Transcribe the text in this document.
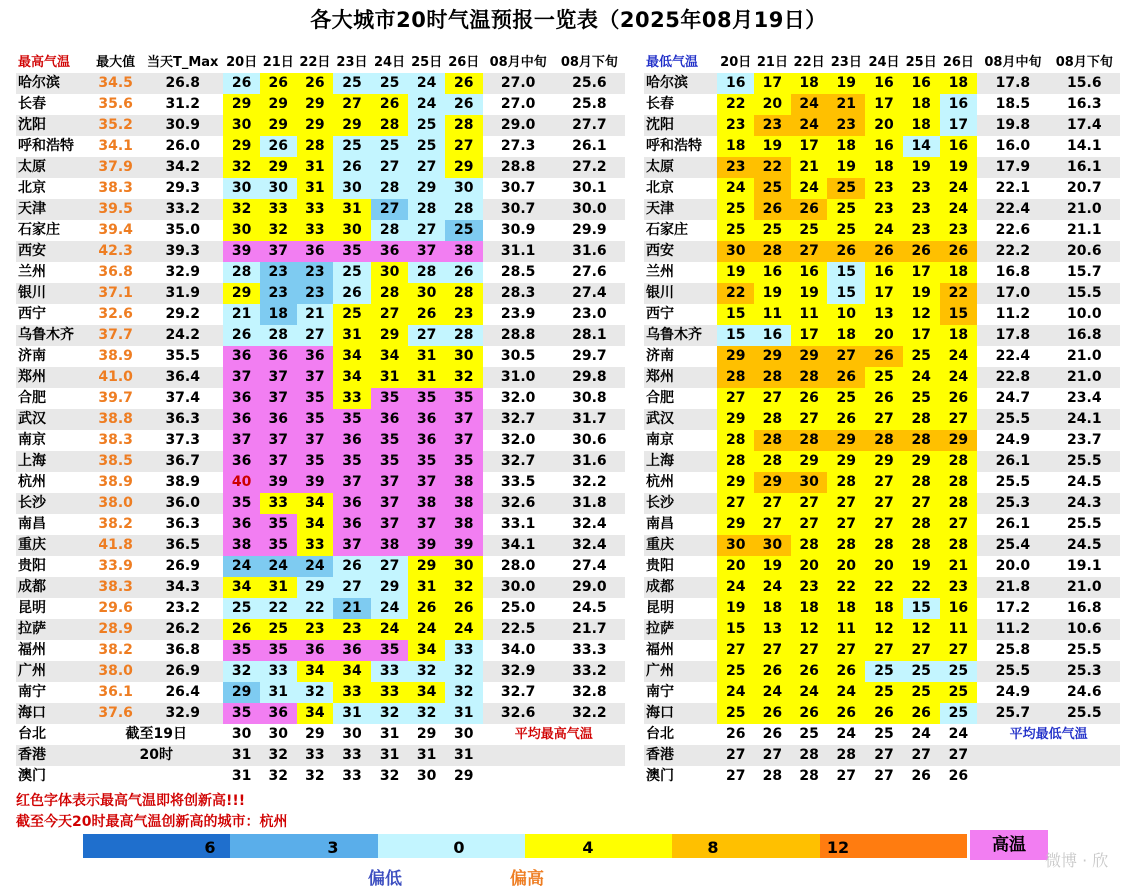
各大城市20时气温预报一览表（2025年08月19日）
最高气温	最大值	当天T_Max	20日	21日	22日	23日	24日	25日	26日	08月中旬	08月下旬
哈尔滨	34.5	26.8	26	26	26	25	25	24	26	27.0	25.6
长春	35.6	31.2	29	29	29	27	26	24	26	27.0	25.8
沈阳	35.2	30.9	30	29	29	29	28	25	28	29.0	27.7
呼和浩特	34.1	26.0	29	26	28	25	25	25	27	27.3	26.1
太原	37.9	34.2	32	29	31	26	27	27	29	28.8	27.2
北京	38.3	29.3	30	30	31	30	28	29	30	30.7	30.1
天津	39.5	33.2	32	33	33	31	27	28	28	30.7	30.0
石家庄	39.4	35.0	30	32	33	30	28	27	25	30.9	29.9
西安	42.3	39.3	39	37	36	35	36	37	38	31.1	31.6
兰州	36.8	32.9	28	23	23	25	30	28	26	28.5	27.6
银川	37.1	31.9	29	23	23	26	28	30	28	28.3	27.4
西宁	32.6	29.2	21	18	21	25	27	26	23	23.9	23.0
乌鲁木齐	37.7	24.2	26	28	27	31	29	27	28	28.8	28.1
济南	38.9	35.5	36	36	36	34	34	31	30	30.5	29.7
郑州	41.0	36.4	37	37	37	34	31	31	32	31.0	29.8
合肥	39.7	37.4	36	37	35	33	35	35	35	32.0	30.8
武汉	38.8	36.3	36	36	35	35	36	36	37	32.7	31.7
南京	38.3	37.3	37	37	37	36	35	36	37	32.0	30.6
上海	38.5	36.7	36	37	35	35	35	35	35	32.7	31.6
杭州	38.9	38.9	40	39	39	37	37	37	38	33.5	32.2
长沙	38.0	36.0	35	33	34	36	37	38	38	32.6	31.8
南昌	38.2	36.3	36	35	34	36	37	37	38	33.1	32.4
重庆	41.8	36.5	38	35	33	37	38	39	39	34.1	32.4
贵阳	33.9	26.9	24	24	24	26	27	29	30	28.0	27.4
成都	38.3	34.3	34	31	29	27	29	31	32	30.0	29.0
昆明	29.6	23.2	25	22	22	21	24	26	26	25.0	24.5
拉萨	28.9	26.2	26	25	23	23	24	24	24	22.5	21.7
福州	38.2	36.8	35	35	36	36	35	34	33	34.0	33.3
广州	38.0	26.9	32	33	34	34	33	32	32	32.9	33.2
南宁	36.1	26.4	29	31	32	33	33	34	32	32.7	32.8
海口	37.6	32.9	35	36	34	31	32	32	31	32.6	32.2
台北	截至19日		30	30	29	30	31	29	30	平均最高气温	
香港	20时		31	32	33	33	31	31	31		
澳门			31	32	32	33	32	30	29		
最低气温	20日	21日	22日	23日	24日	25日	26日	08月中旬	08月下旬
哈尔滨	16	17	18	19	16	16	18	17.8	15.6
长春	22	20	24	21	17	18	16	18.5	16.3
沈阳	23	23	24	23	20	18	17	19.8	17.4
呼和浩特	18	19	17	18	16	14	16	16.0	14.1
太原	23	22	21	19	18	19	19	17.9	16.1
北京	24	25	24	25	23	23	24	22.1	20.7
天津	25	26	26	25	23	23	24	22.4	21.0
石家庄	25	25	25	25	24	23	23	22.6	21.1
西安	30	28	27	26	26	26	26	22.2	20.6
兰州	19	16	16	15	16	17	18	16.8	15.7
银川	22	19	19	15	17	19	22	17.0	15.5
西宁	15	11	11	10	13	12	15	11.2	10.0
乌鲁木齐	15	16	17	18	20	17	18	17.8	16.8
济南	29	29	29	27	26	25	24	22.4	21.0
郑州	28	28	28	26	25	24	24	22.8	21.0
合肥	27	27	26	25	26	25	26	24.7	23.4
武汉	29	28	27	26	27	28	27	25.5	24.1
南京	28	28	28	29	28	28	29	24.9	23.7
上海	28	28	29	29	29	29	28	26.1	25.5
杭州	29	29	30	28	27	28	28	25.5	24.5
长沙	27	27	27	27	27	27	28	25.3	24.3
南昌	29	27	27	27	27	28	27	26.1	25.5
重庆	30	30	28	28	28	28	28	25.4	24.5
贵阳	20	19	20	20	20	19	21	20.0	19.1
成都	24	24	23	22	22	22	23	21.8	21.0
昆明	19	18	18	18	18	15	16	17.2	16.8
拉萨	15	13	12	11	12	12	11	11.2	10.6
福州	27	27	27	27	27	27	27	25.8	25.5
广州	25	26	26	26	25	25	25	25.5	25.3
南宁	24	24	24	24	25	25	25	24.9	24.6
海口	25	26	26	26	26	26	25	25.7	25.5
台北	26	26	25	24	25	24	24	平均最低气温	
香港	27	27	28	28	27	27	27		
澳门	27	28	28	27	27	26	26		
红色字体表示最高气温即将创新高!!!
截至今天20时最高气温创新高的城市：杭州
6	3	0	4	8	12	高温
偏低	偏高
微博 · 欣
